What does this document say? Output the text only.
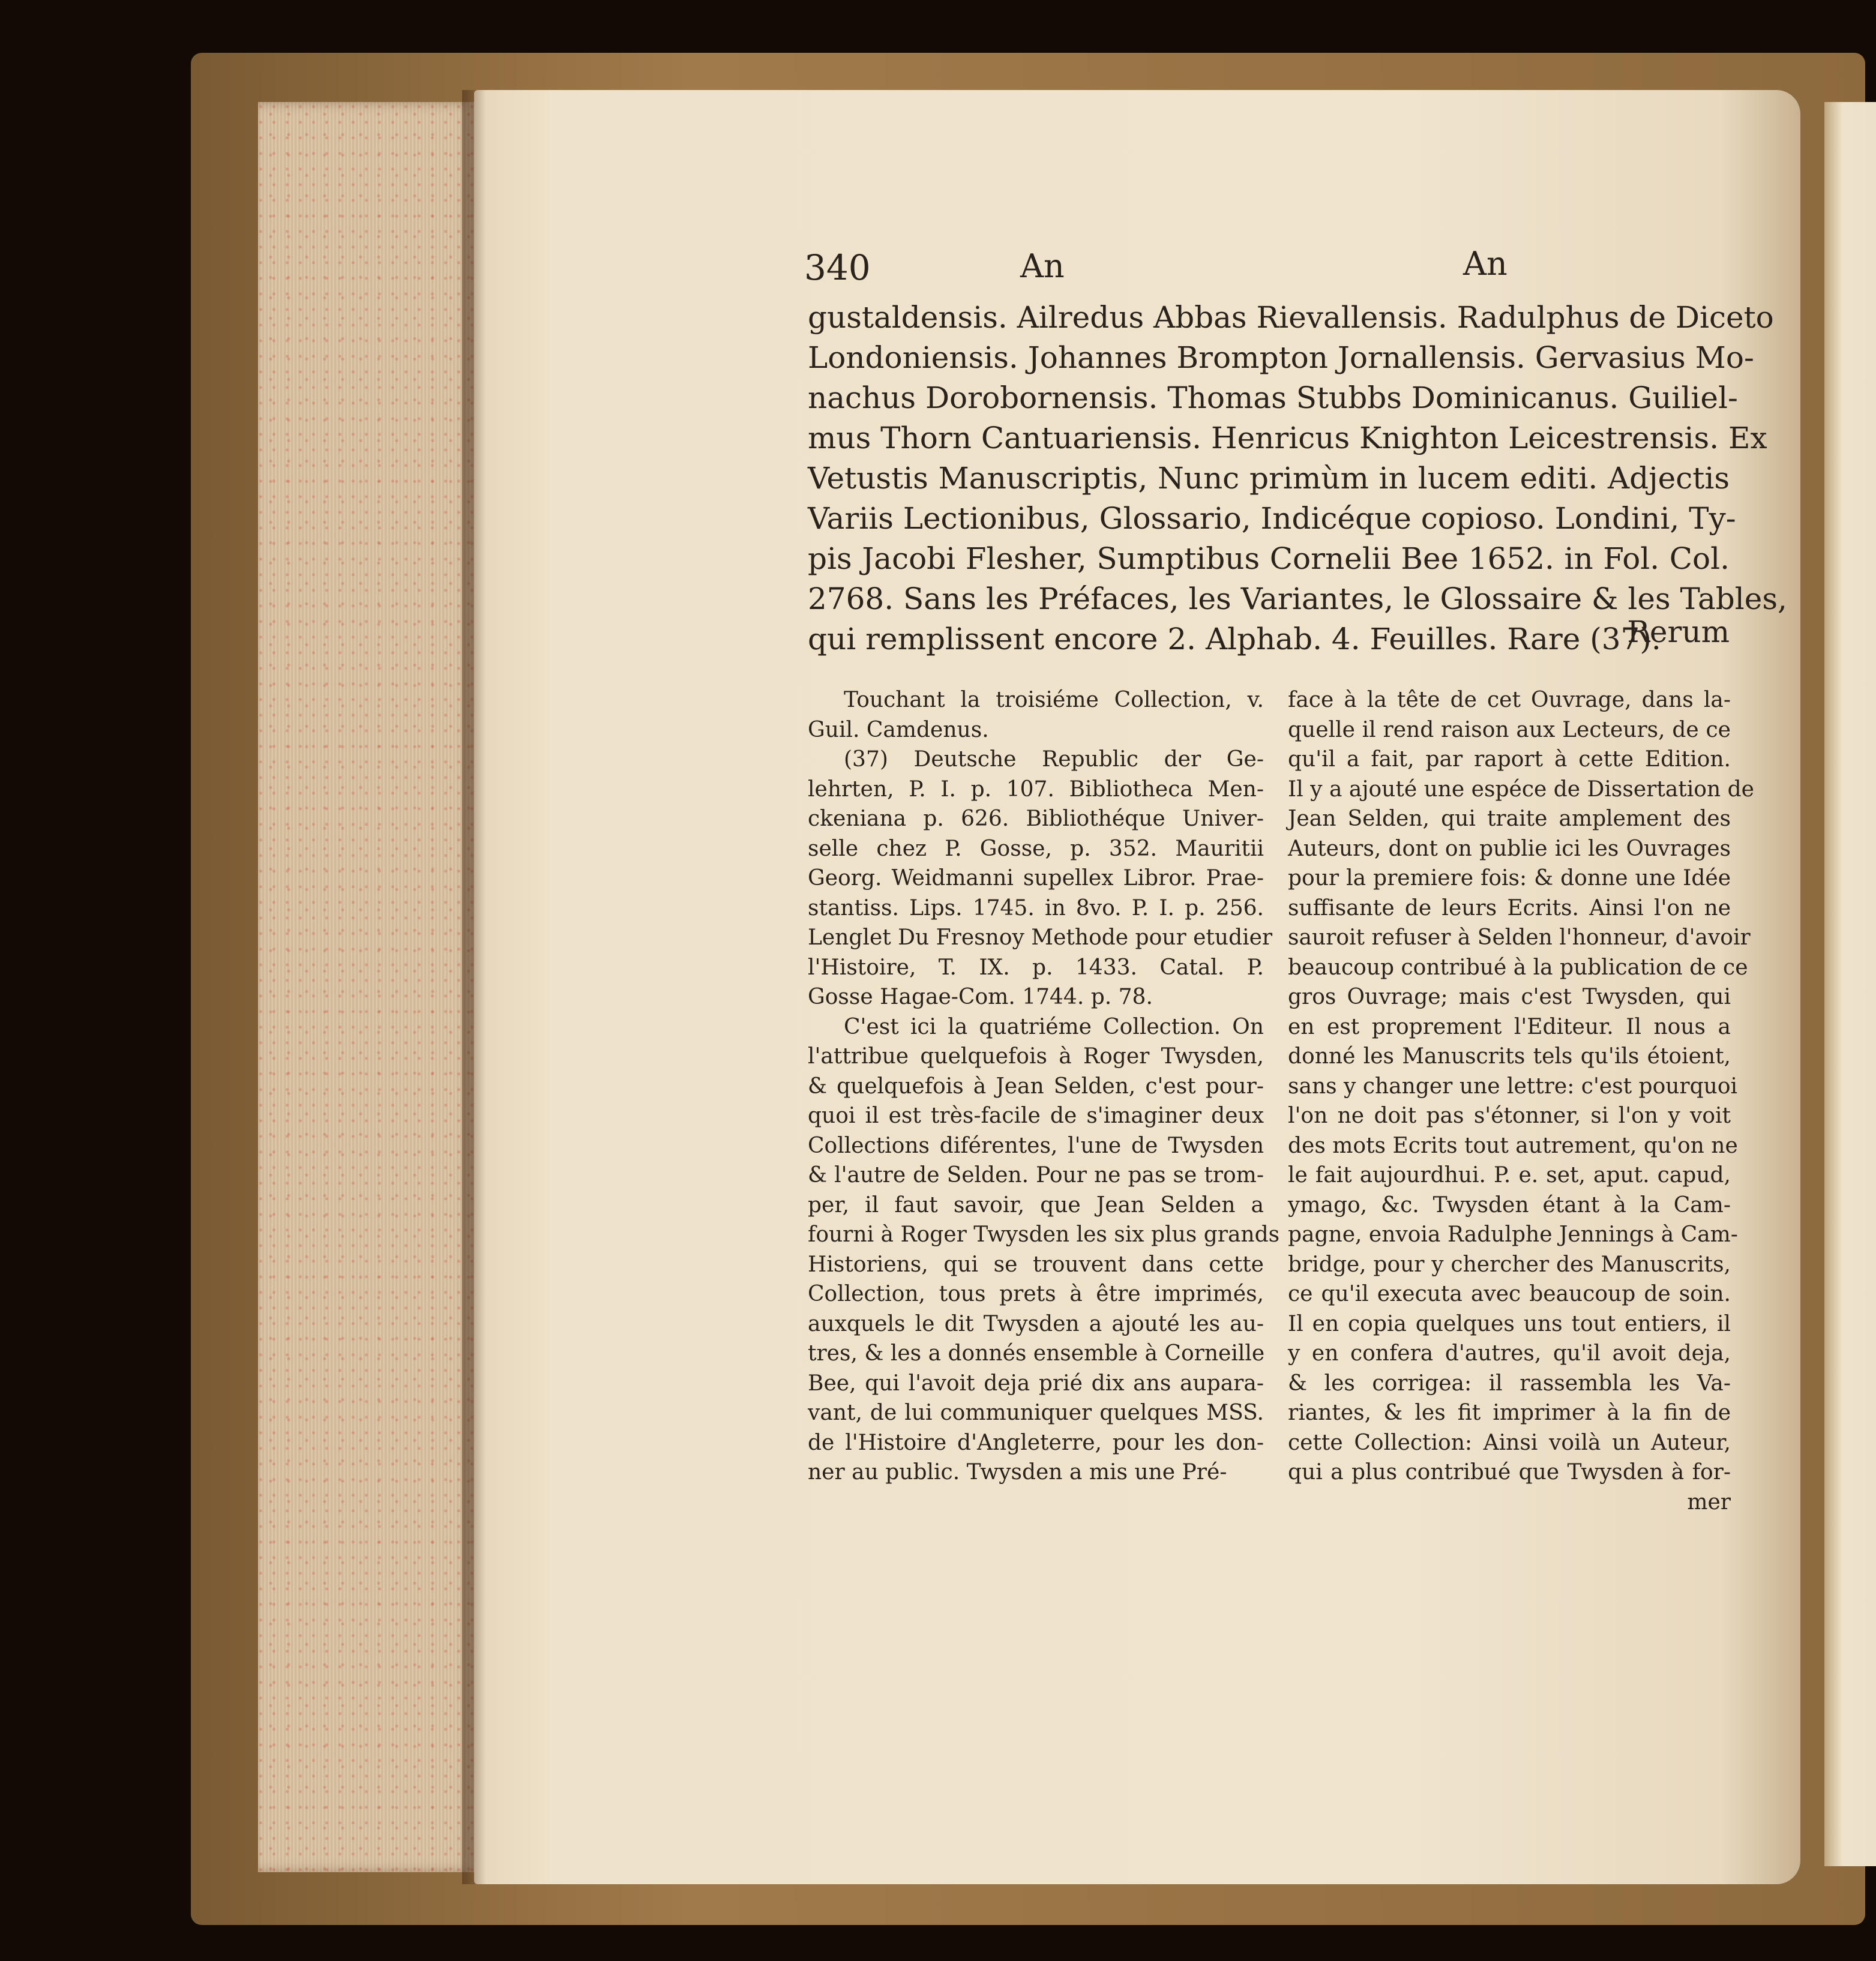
340	An	An
gustaldensis. Ailredus Abbas Rievallensis. Radulphus de Diceto
Londoniensis. Johannes Brompton Jornallensis. Gervasius Mo-
nachus Dorobornensis. Thomas Stubbs Dominicanus. Guiliel-
mus Thorn Cantuariensis. Henricus Knighton Leicestrensis. Ex
Vetustis Manuscriptis, Nunc primùm in lucem editi. Adjectis
Variis Lectionibus, Glossario, Indicéque copioso. Londini, Ty-
pis Jacobi Flesher, Sumptibus Cornelii Bee 1652. in Fol. Col.
2768. Sans les Préfaces, les Variantes, le Glossaire & les Tables,
qui remplissent encore 2. Alphab. 4. Feuilles. Rare (37).
Rerum
Touchant la troisiéme Collection, v.
Guil. Camdenus.
(37) Deutsche Republic der Ge-
lehrten, P. I. p. 107. Bibliotheca Men-
ckeniana p. 626. Bibliothéque Univer-
selle chez P. Gosse, p. 352. Mauritii
Georg. Weidmanni supellex Libror. Prae-
stantiss. Lips. 1745. in 8vo. P. I. p. 256.
Lenglet Du Fresnoy Methode pour etudier
l'Histoire, T. IX. p. 1433. Catal. P.
Gosse Hagae-Com. 1744. p. 78.
C'est ici la quatriéme Collection. On
l'attribue quelquefois à Roger Twysden,
& quelquefois à Jean Selden, c'est pour-
quoi il est très-facile de s'imaginer deux
Collections diférentes, l'une de Twysden
& l'autre de Selden. Pour ne pas se trom-
per, il faut savoir, que Jean Selden a
fourni à Roger Twysden les six plus grands
Historiens, qui se trouvent dans cette
Collection, tous prets à être imprimés,
auxquels le dit Twysden a ajouté les au-
tres, & les a donnés ensemble à Corneille
Bee, qui l'avoit deja prié dix ans aupara-
vant, de lui communiquer quelques MSS.
de l'Histoire d'Angleterre, pour les don-
ner au public. Twysden a mis une Pré-
face à la tête de cet Ouvrage, dans la-
quelle il rend raison aux Lecteurs, de ce
qu'il a fait, par raport à cette Edition.
Il y a ajouté une espéce de Dissertation de
Jean Selden, qui traite amplement des
Auteurs, dont on publie ici les Ouvrages
pour la premiere fois: & donne une Idée
suffisante de leurs Ecrits. Ainsi l'on ne
sauroit refuser à Selden l'honneur, d'avoir
beaucoup contribué à la publication de ce
gros Ouvrage; mais c'est Twysden, qui
en est proprement l'Editeur. Il nous a
donné les Manuscrits tels qu'ils étoient,
sans y changer une lettre: c'est pourquoi
l'on ne doit pas s'étonner, si l'on y voit
des mots Ecrits tout autrement, qu'on ne
le fait aujourdhui. P. e. set, aput. capud,
ymago, &c. Twysden étant à la Cam-
pagne, envoia Radulphe Jennings à Cam-
bridge, pour y chercher des Manuscrits,
ce qu'il executa avec beaucoup de soin.
Il en copia quelques uns tout entiers, il
y en confera d'autres, qu'il avoit deja,
& les corrigea: il rassembla les Va-
riantes, & les fit imprimer à la fin de
cette Collection: Ainsi voilà un Auteur,
qui a plus contribué que Twysden à for-
mer
